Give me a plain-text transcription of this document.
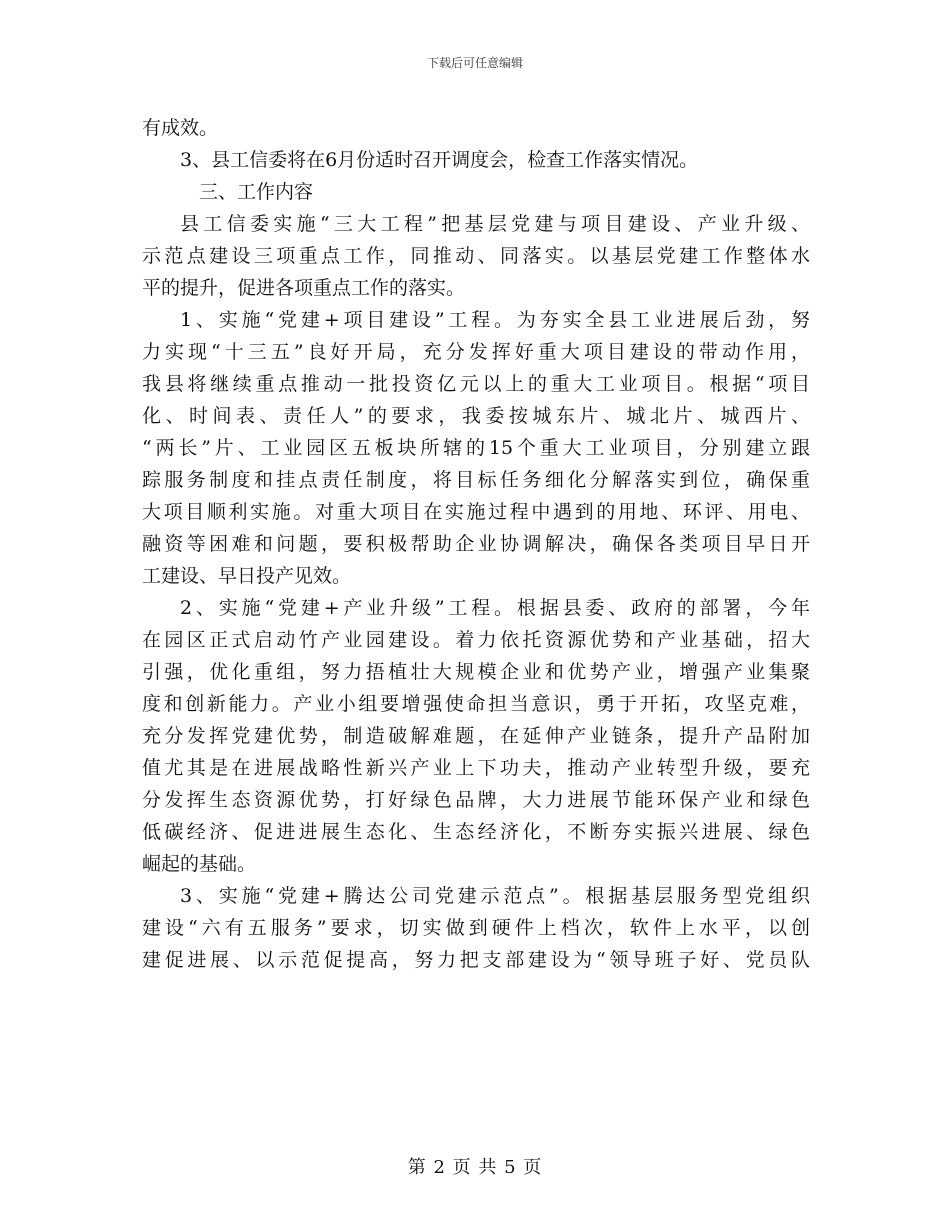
下载后可任意编辑
有成效。
3、县工信委将在6月份适时召开调度会，检查工作落实情况。
三、工作内容
县工信委实施“三大工程”把基层党建与项目建设、产业升级、
示范点建设三项重点工作，同推动、同落实。以基层党建工作整体水
平的提升，促进各项重点工作的落实。
1、实施“党建+项目建设”工程。为夯实全县工业进展后劲，努
力实现“十三五”良好开局，充分发挥好重大项目建设的带动作用，
我县将继续重点推动一批投资亿元以上的重大工业项目。根据“项目
化、时间表、责任人”的要求，我委按城东片、城北片、城西片、
“两长”片、工业园区五板块所辖的15个重大工业项目，分别建立跟
踪服务制度和挂点责任制度，将目标任务细化分解落实到位，确保重
大项目顺利实施。对重大项目在实施过程中遇到的用地、环评、用电、
融资等困难和问题，要积极帮助企业协调解决，确保各类项目早日开
工建设、早日投产见效。
2、实施“党建+产业升级”工程。根据县委、政府的部署，今年
在园区正式启动竹产业园建设。着力依托资源优势和产业基础，招大
引强，优化重组，努力捂植壮大规模企业和优势产业，增强产业集聚
度和创新能力。产业小组要增强使命担当意识，勇于开拓，攻坚克难，
充分发挥党建优势，制造破解难题，在延伸产业链条，提升产品附加
值尤其是在进展战略性新兴产业上下功夫，推动产业转型升级，要充
分发挥生态资源优势，打好绿色品牌，大力进展节能环保产业和绿色
低碳经济、促进进展生态化、生态经济化，不断夯实振兴进展、绿色
崛起的基础。
3、实施“党建+腾达公司党建示范点”。根据基层服务型党组织
建设“六有五服务”要求，切实做到硬件上档次，软件上水平，以创
建促进展、以示范促提高，努力把支部建设为“领导班子好、党员队
第 2 页 共 5 页
